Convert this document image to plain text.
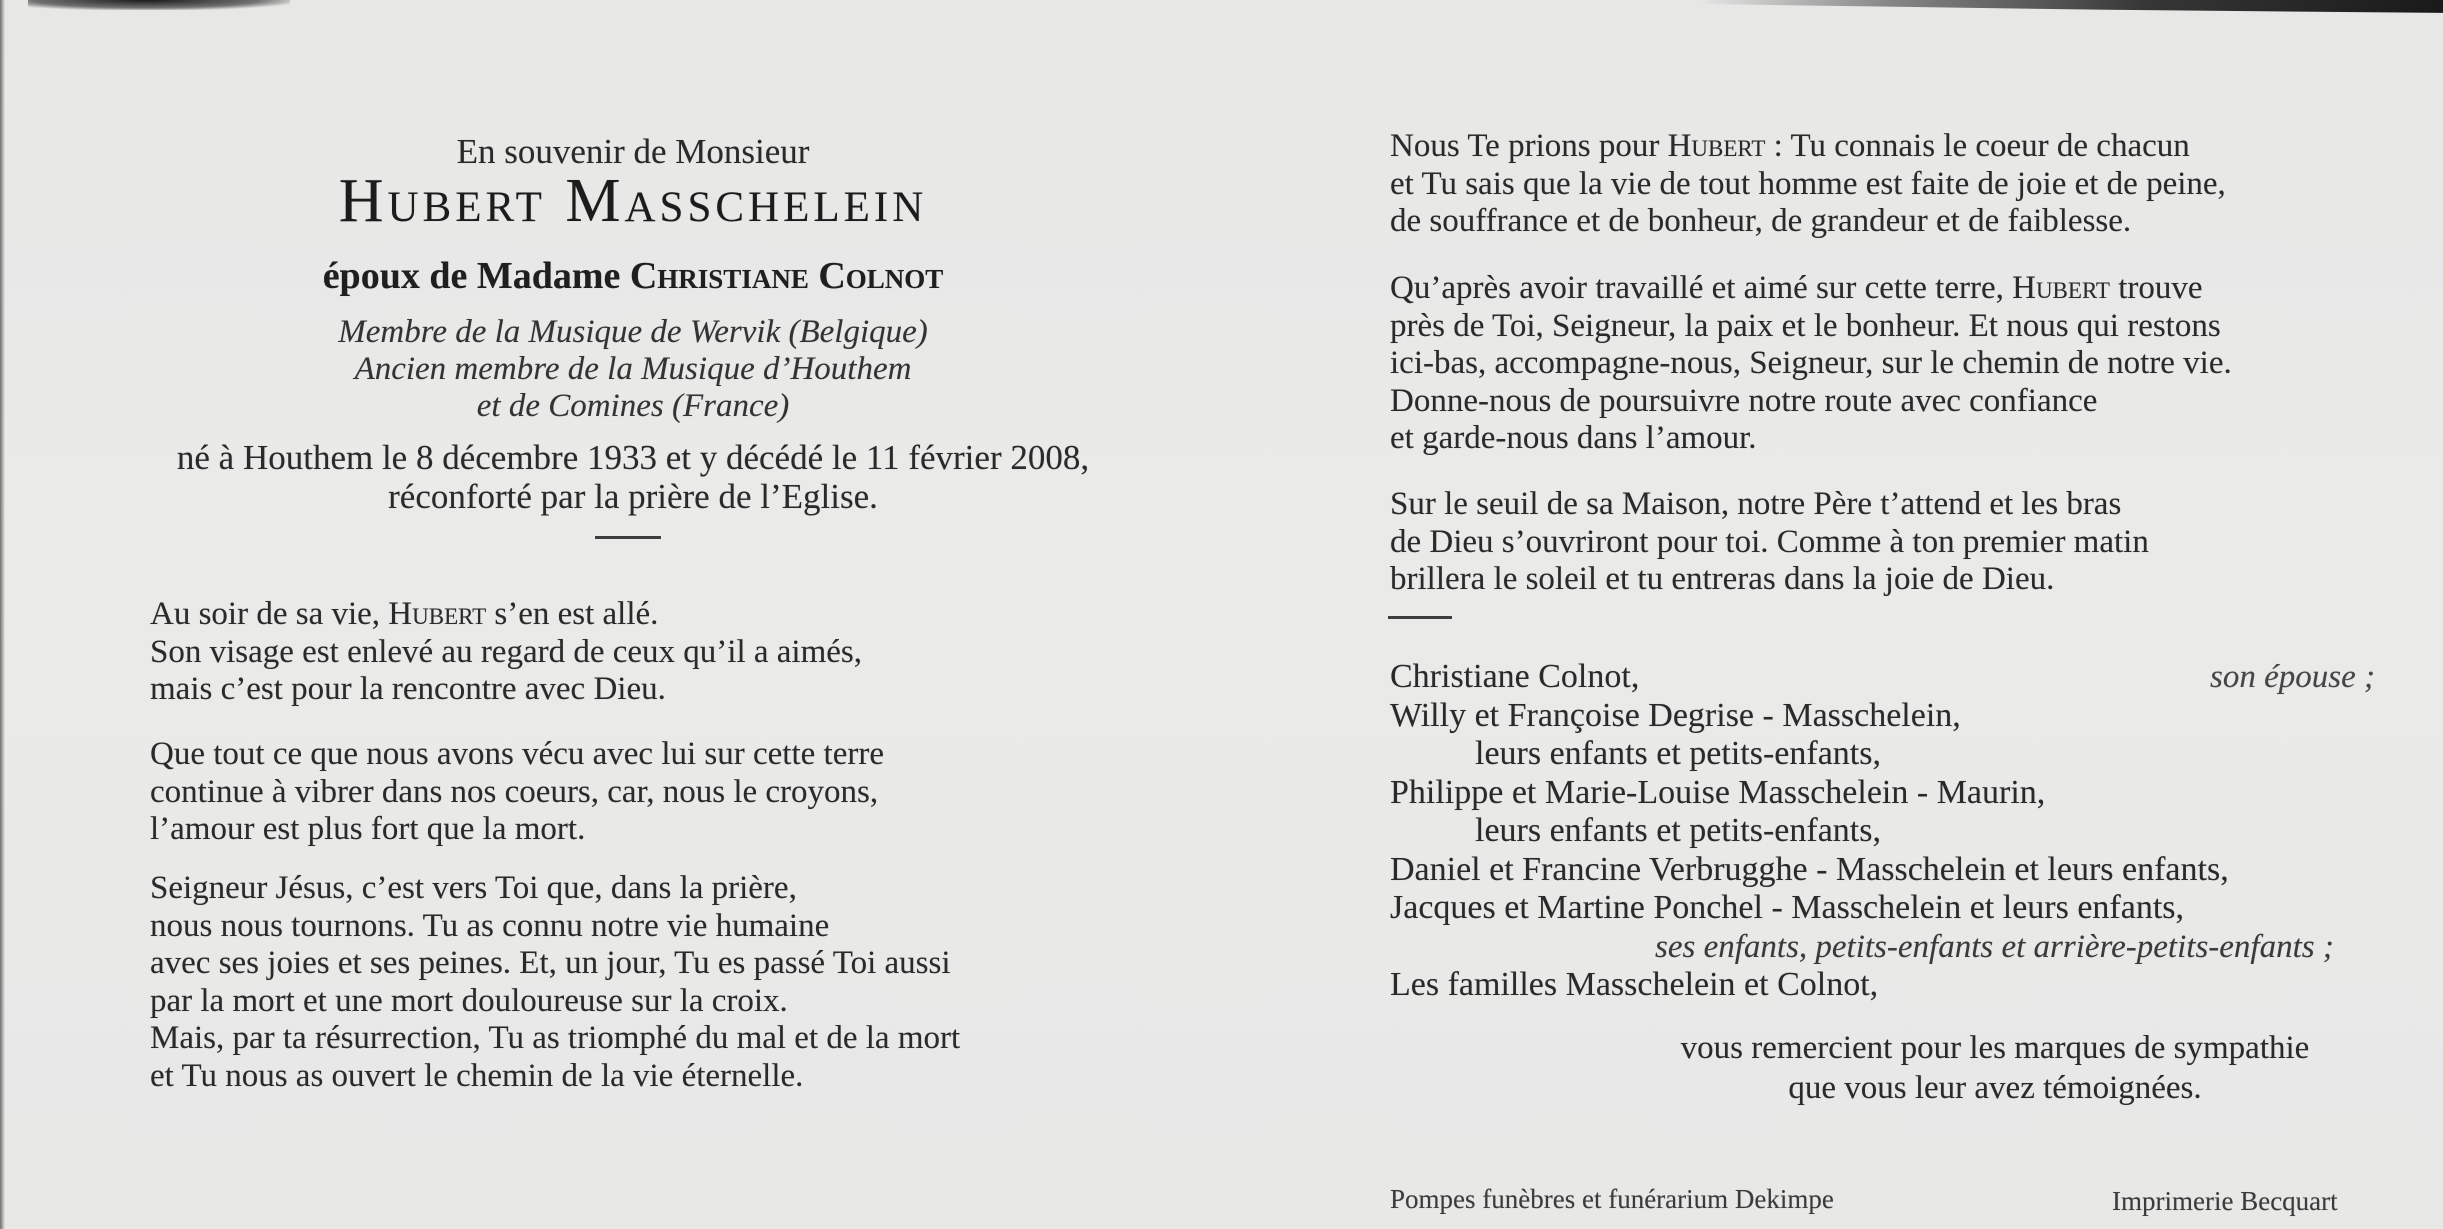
En souvenir de Monsieur
Hubert Masschelein
époux de Madame Christiane Colnot
Membre de la Musique de Wervik (Belgique)
Ancien membre de la Musique d’Houthem
et de Comines (France)
né à Houthem le 8 décembre 1933 et y décédé le 11 février 2008,
réconforté par la prière de l’Eglise.
Au soir de sa vie, Hubert s’en est allé.
Son visage est enlevé au regard de ceux qu’il a aimés,
mais c’est pour la rencontre avec Dieu.
Que tout ce que nous avons vécu avec lui sur cette terre
continue à vibrer dans nos coeurs, car, nous le croyons,
l’amour est plus fort que la mort.
Seigneur Jésus, c’est vers Toi que, dans la prière,
nous nous tournons. Tu as connu notre vie humaine
avec ses joies et ses peines. Et, un jour, Tu es passé Toi aussi
par la mort et une mort douloureuse sur la croix.
Mais, par ta résurrection, Tu as triomphé du mal et de la mort
et Tu nous as ouvert le chemin de la vie éternelle.
Nous Te prions pour Hubert : Tu connais le coeur de chacun
et Tu sais que la vie de tout homme est faite de joie et de peine,
de souffrance et de bonheur, de grandeur et de faiblesse.
Qu’après avoir travaillé et aimé sur cette terre, Hubert trouve
près de Toi, Seigneur, la paix et le bonheur. Et nous qui restons
ici-bas, accompagne-nous, Seigneur, sur le chemin de notre vie.
Donne-nous de poursuivre notre route avec confiance
et garde-nous dans l’amour.
Sur le seuil de sa Maison, notre Père t’attend et les bras
de Dieu s’ouvriront pour toi. Comme à ton premier matin
brillera le soleil et tu entreras dans la joie de Dieu.
Christiane Colnot,	son épouse ;
Willy et Françoise Degrise - Masschelein,
leurs enfants et petits-enfants,
Philippe et Marie-Louise Masschelein - Maurin,
leurs enfants et petits-enfants,
Daniel et Francine Verbrugghe - Masschelein et leurs enfants,
Jacques et Martine Ponchel - Masschelein et leurs enfants,
ses enfants, petits-enfants et arrière-petits-enfants ;
Les familles Masschelein et Colnot,
vous remercient pour les marques de sympathie
que vous leur avez témoignées.
Pompes funèbres et funérarium Dekimpe	Imprimerie Becquart
